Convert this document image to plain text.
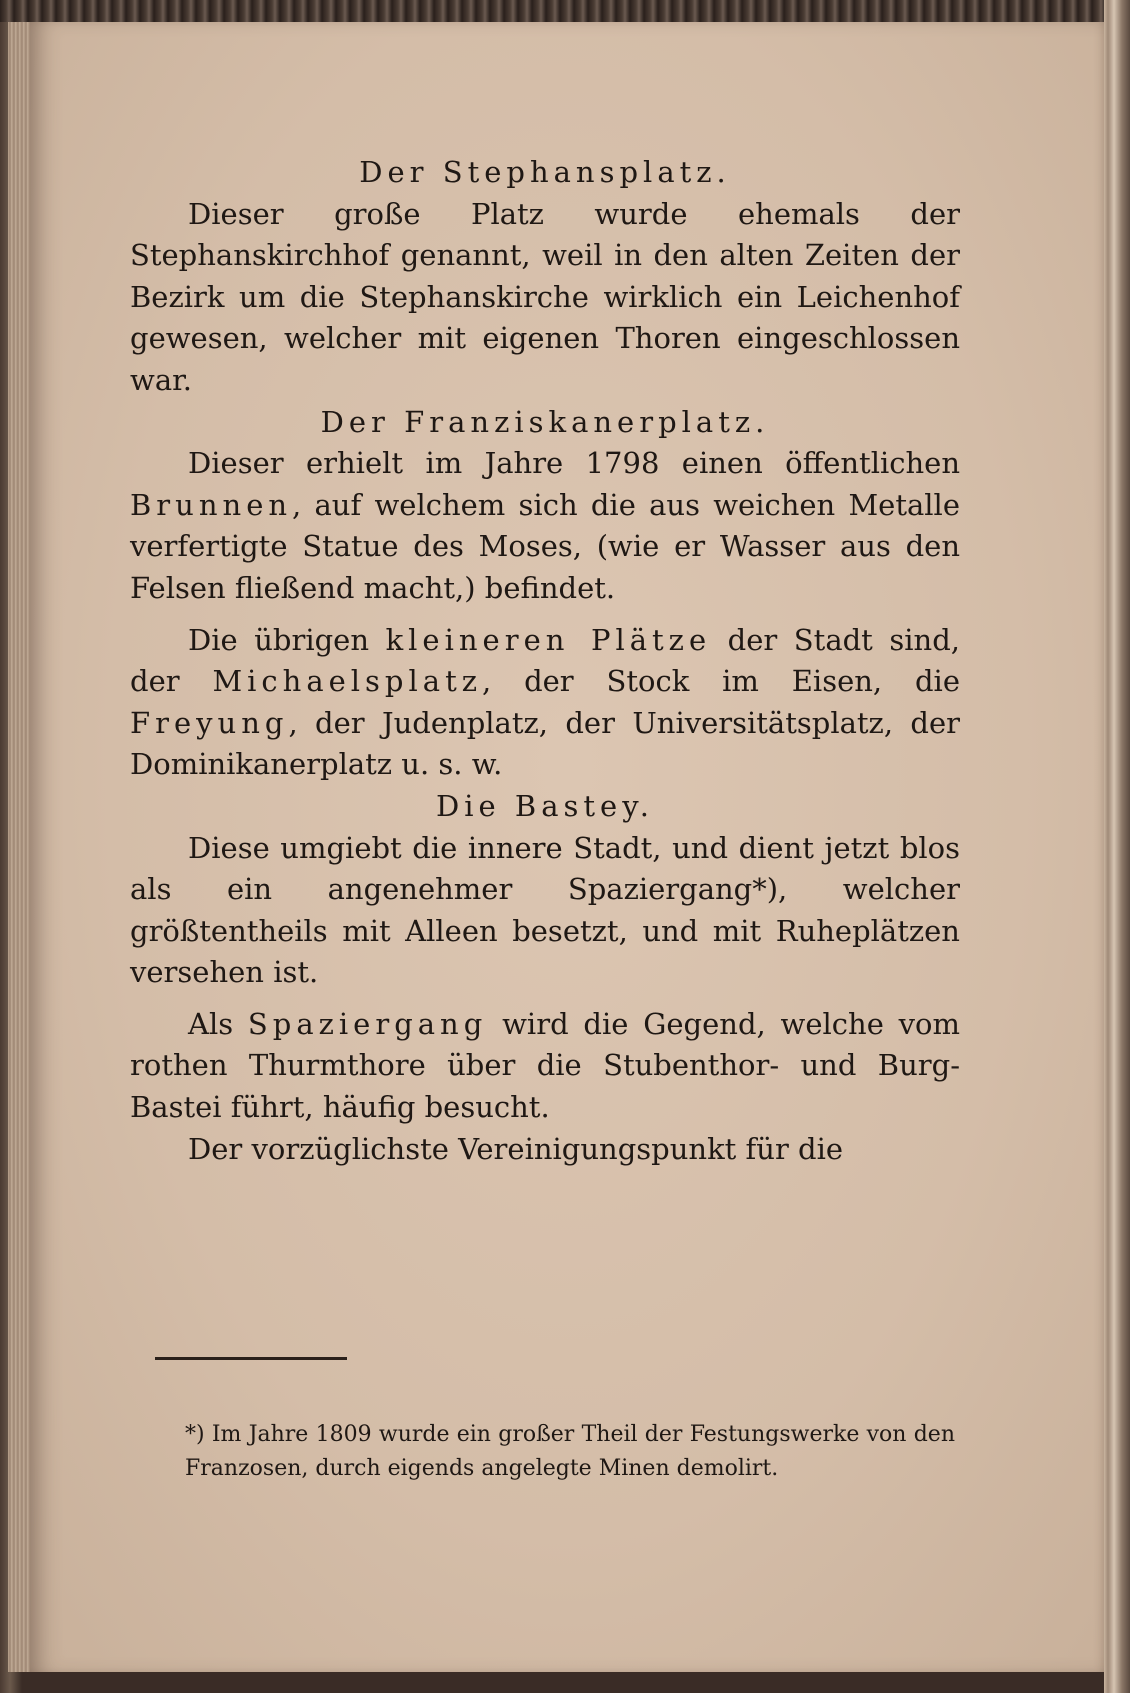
Der Stephansplatz.

Dieser große Platz wurde ehemals der Stephanskirchhof genannt, weil in den alten Zeiten der Bezirk um die Stephanskirche wirklich ein Leichenhof gewesen, welcher mit eigenen Thoren eingeschlossen war.

Der Franziskanerplatz.

Dieser erhielt im Jahre 1798 einen öffentlichen Brunnen, auf welchem sich die aus weichen Metalle verfertigte Statue des Moses, (wie er Wasser aus den Felsen fließend macht,) befindet.

Die übrigen kleineren Plätze der Stadt sind, der Michaelsplatz, der Stock im Eisen, die Freyung, der Judenplatz, der Universitätsplatz, der Dominikanerplatz u. s. w.

Die Bastey.

Diese umgiebt die innere Stadt, und dient jetzt blos als ein angenehmer Spaziergang*), welcher größtentheils mit Alleen besetzt, und mit Ruheplätzen versehen ist.

Als Spaziergang wird die Gegend, welche vom rothen Thurmthore über die Stubenthor- und Burg-Bastei führt, häufig besucht.

Der vorzüglichste Vereinigungspunkt für die

*) Im Jahre 1809 wurde ein großer Theil der Festungswerke von den Franzosen, durch eigends angelegte Minen demolirt.
